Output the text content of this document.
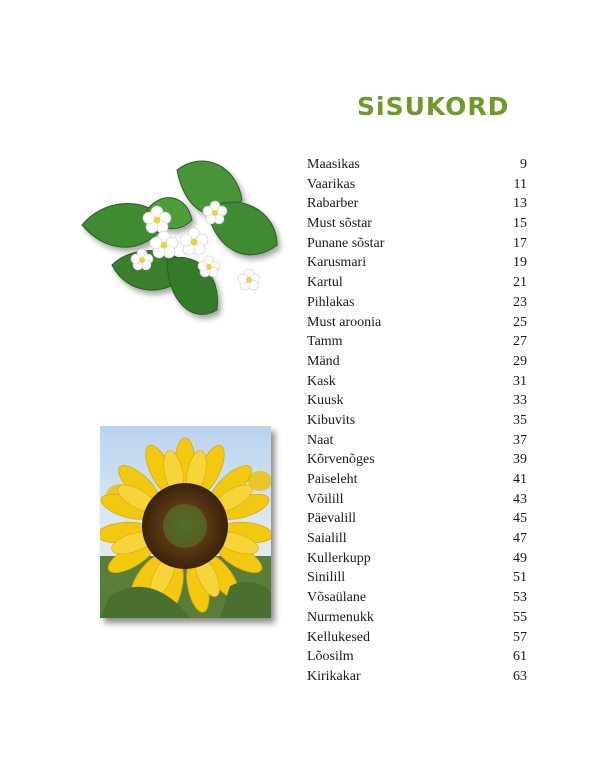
SiSUKORD
Maasikas	9
Vaarikas	11
Rabarber	13
Must sõstar	15
Punane sõstar	17
Karusmari	19
Kartul	21
Pihlakas	23
Must aroonia	25
Tamm	27
Mänd	29
Kask	31
Kuusk	33
Kibuvits	35
Naat	37
Kõrvenõges	39
Paiseleht	41
Võilill	43
Päevalill	45
Saialill	47
Kullerkupp	49
Sinilill	51
Võsaülane	53
Nurmenukk	55
Kellukesed	57
Lõosilm	61
Kirikakar	63
